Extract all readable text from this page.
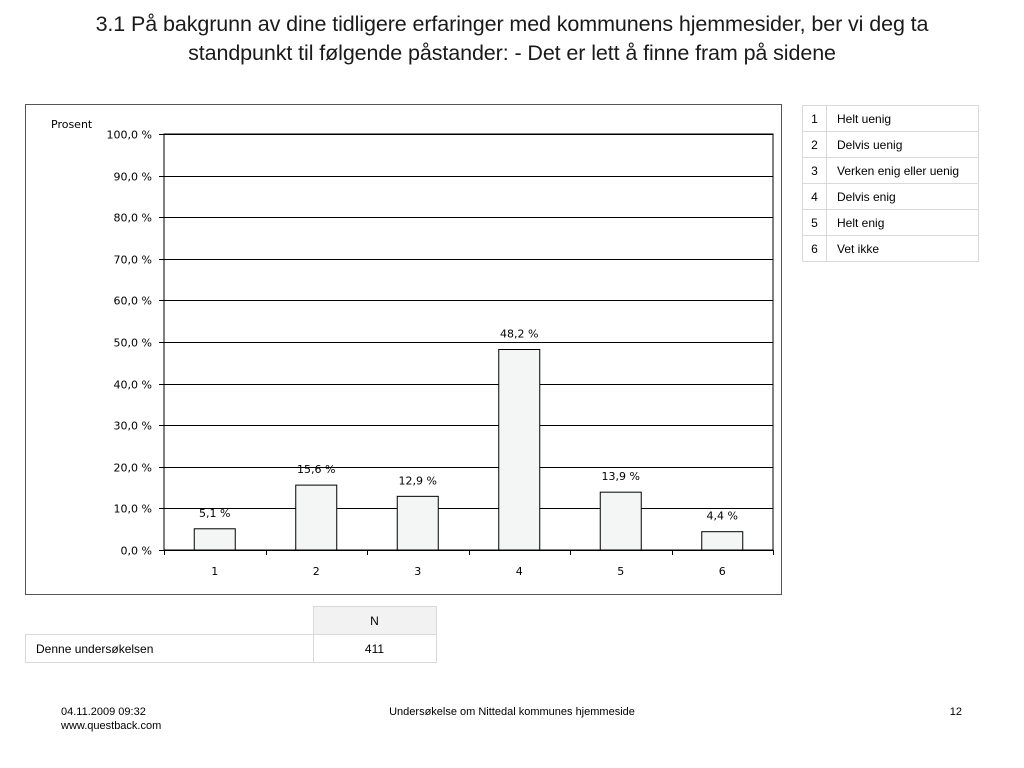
3.1 På bakgrunn av dine tidligere erfaringer med kommunens hjemmesider, ber vi deg ta
standpunkt til følgende påstander: - Det er lett å finne fram på sidene
0,0 %
10,0 %
20,0 %
30,0 %
40,0 %
50,0 %
60,0 %
70,0 %
80,0 %
90,0 %
100,0 %
Prosent
5,1 %
1
15,6 %
2
12,9 %
3
48,2 %
4
13,9 %
5
4,4 %
6
1	Helt uenig
2	Delvis uenig
3	Verken enig eller uenig
4	Delvis enig
5	Helt enig
6	Vet ikke
	N
Denne undersøkelsen	411
04.11.2009 09:32
www.questback.com
Undersøkelse om Nittedal kommunes hjemmeside	12
